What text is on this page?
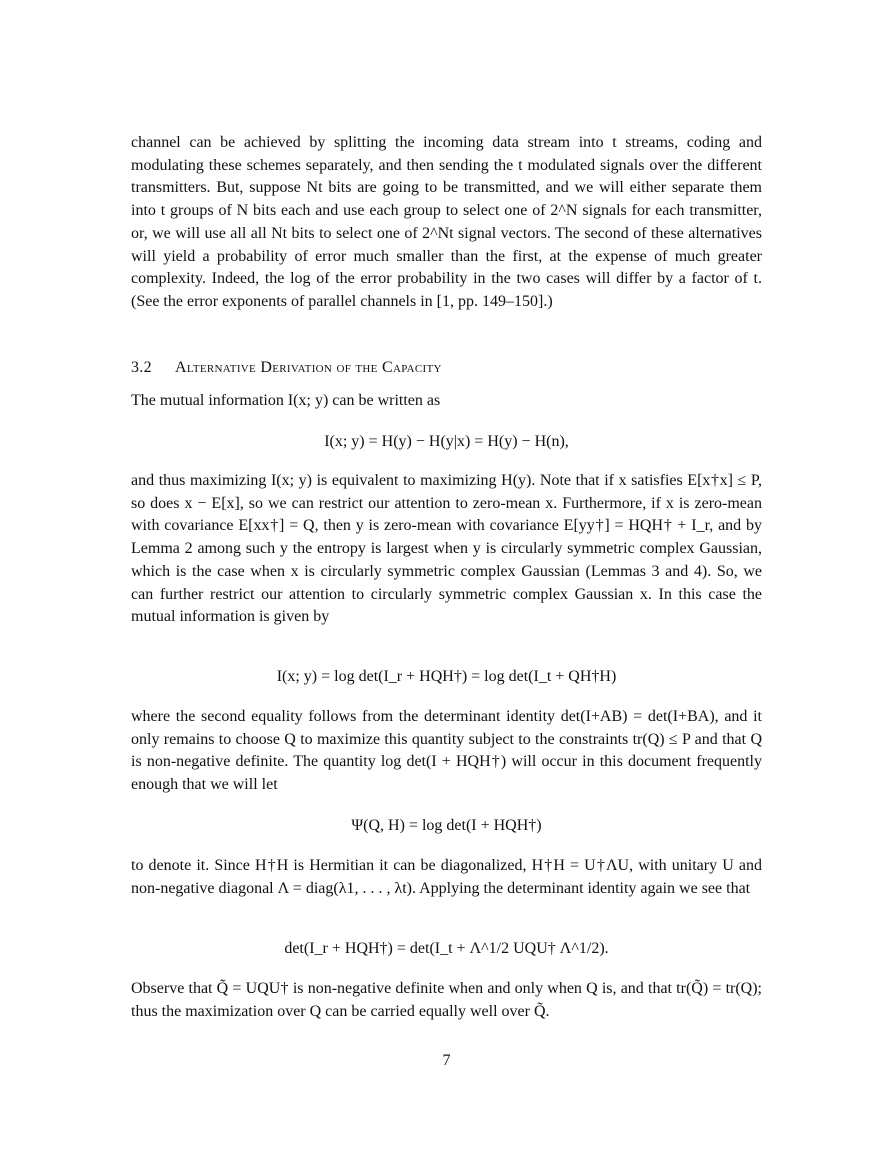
channel can be achieved by splitting the incoming data stream into t streams, coding and modulating these schemes separately, and then sending the t modulated signals over the different transmitters. But, suppose Nt bits are going to be transmitted, and we will either separate them into t groups of N bits each and use each group to select one of 2^N signals for each transmitter, or, we will use all all Nt bits to select one of 2^Nt signal vectors. The second of these alternatives will yield a probability of error much smaller than the first, at the expense of much greater complexity. Indeed, the log of the error probability in the two cases will differ by a factor of t. (See the error exponents of parallel channels in [1, pp. 149–150].)

3.2 Alternative Derivation of the Capacity

The mutual information I(x; y) can be written as

I(x; y) = H(y) − H(y|x) = H(y) − H(n),

and thus maximizing I(x; y) is equivalent to maximizing H(y). Note that if x satisfies E[x†x] ≤ P, so does x − E[x], so we can restrict our attention to zero-mean x. Furthermore, if x is zero-mean with covariance E[xx†] = Q, then y is zero-mean with covariance E[yy†] = HQH† + I_r, and by Lemma 2 among such y the entropy is largest when y is circularly symmetric complex Gaussian, which is the case when x is circularly symmetric complex Gaussian (Lemmas 3 and 4). So, we can further restrict our attention to circularly symmetric complex Gaussian x. In this case the mutual information is given by

I(x; y) = log det(I_r + HQH†) = log det(I_t + QH†H)

where the second equality follows from the determinant identity det(I+AB) = det(I+BA), and it only remains to choose Q to maximize this quantity subject to the constraints tr(Q) ≤ P and that Q is non-negative definite. The quantity log det(I + HQH†) will occur in this document frequently enough that we will let

Ψ(Q, H) = log det(I + HQH†)

to denote it. Since H†H is Hermitian it can be diagonalized, H†H = U†ΛU, with unitary U and non-negative diagonal Λ = diag(λ1, . . . , λt). Applying the determinant identity again we see that

det(I_r + HQH†) = det(I_t + Λ^1/2 UQU† Λ^1/2).

Observe that Q̃ = UQU† is non-negative definite when and only when Q is, and that tr(Q̃) = tr(Q); thus the maximization over Q can be carried equally well over Q̃.

7
